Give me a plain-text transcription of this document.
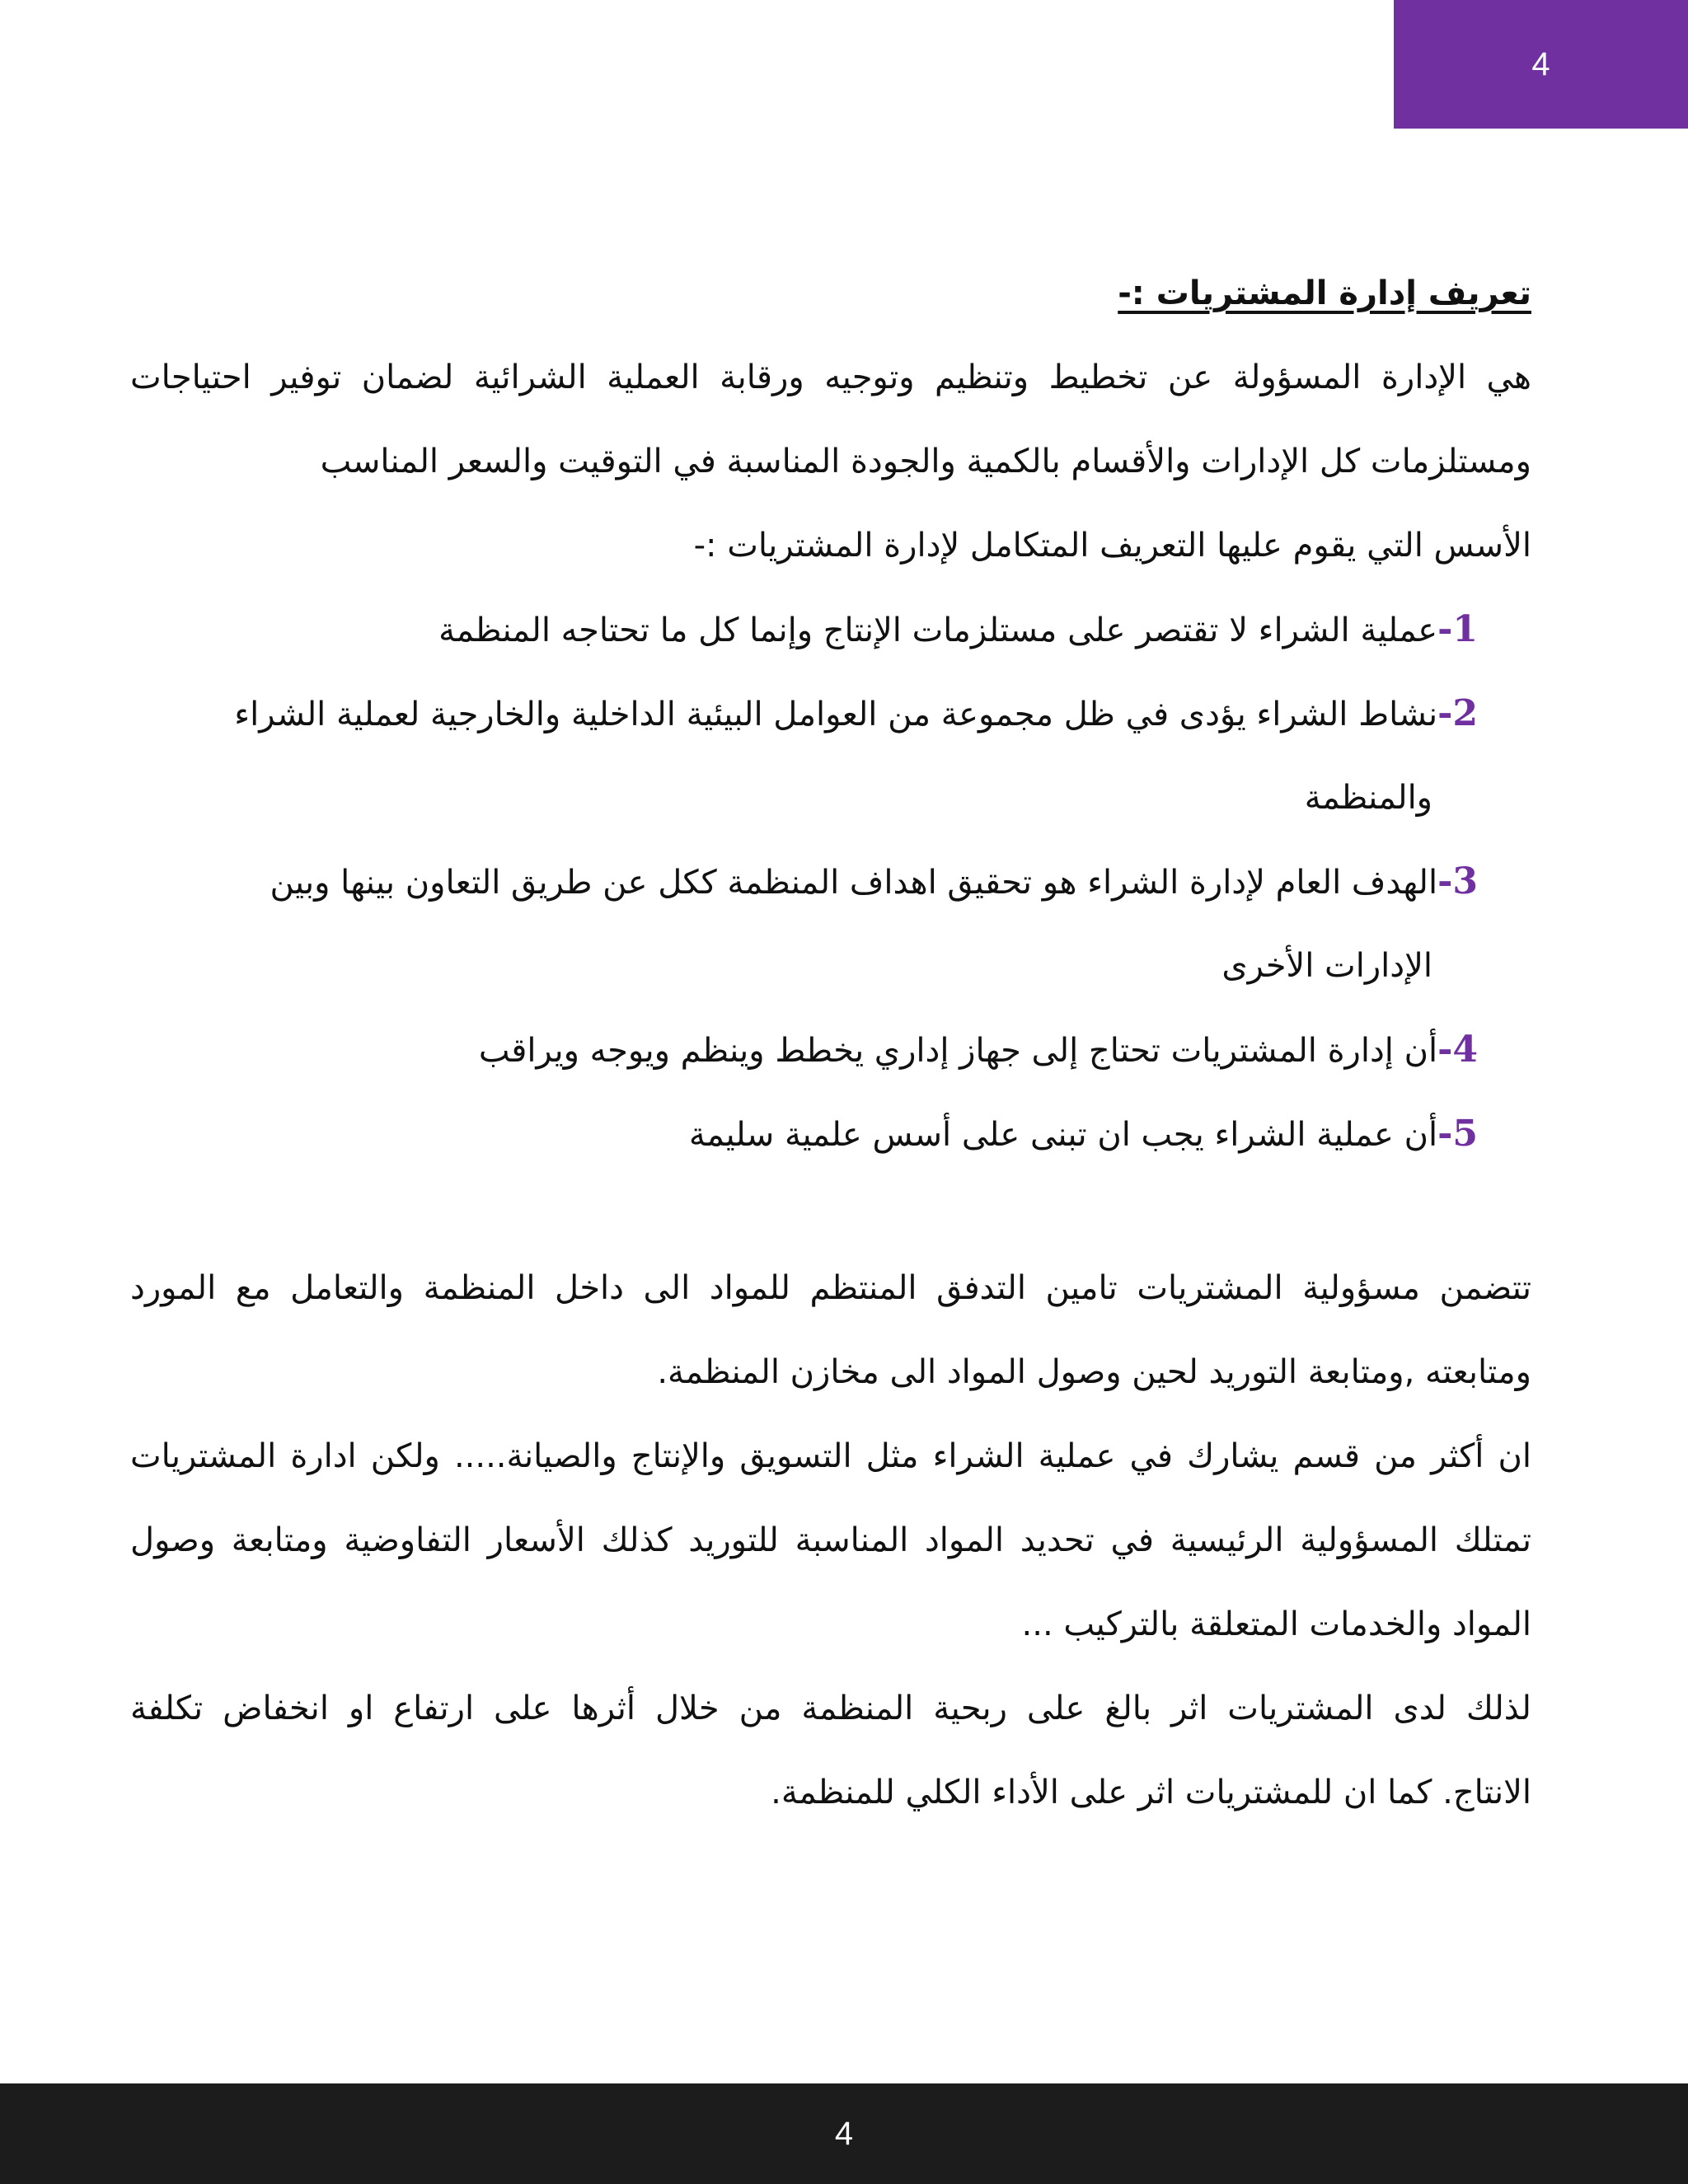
4
تعريف إدارة المشتريات :-
هي الإدارة المسؤولة عن تخطيط وتنظيم وتوجيه ورقابة العملية الشرائية لضمان توفير احتياجات
ومستلزمات كل الإدارات والأقسام بالكمية والجودة المناسبة في التوقيت والسعر المناسب
الأسس التي يقوم عليها التعريف المتكامل لإدارة المشتريات :-
1-عملية الشراء لا تقتصر على مستلزمات الإنتاج وإنما كل ما تحتاجه المنظمة
2-نشاط الشراء يؤدى في ظل مجموعة من العوامل البيئية الداخلية والخارجية لعملية الشراء
والمنظمة
3-الهدف العام لإدارة الشراء هو تحقيق اهداف المنظمة ككل عن طريق التعاون بينها وبين
الإدارات الأخرى
4-أن إدارة المشتريات تحتاج إلى جهاز إداري يخطط وينظم ويوجه ويراقب
5-أن عملية الشراء يجب ان تبنى على أسس علمية سليمة
تتضمن مسؤولية المشتريات تامين التدفق المنتظم للمواد الى داخل المنظمة والتعامل مع المورد
ومتابعته ,ومتابعة التوريد لحين وصول المواد الى مخازن المنظمة.
ان أكثر من قسم يشارك في عملية الشراء مثل التسويق والإنتاج والصيانة..... ولكن ادارة المشتريات
تمتلك المسؤولية الرئيسية في تحديد المواد المناسبة للتوريد كذلك الأسعار التفاوضية ومتابعة وصول
المواد والخدمات المتعلقة بالتركيب ...
لذلك لدى المشتريات اثر بالغ على ربحية المنظمة من خلال أثرها على ارتفاع او انخفاض تكلفة
الانتاج. كما ان للمشتريات اثر على الأداء الكلي للمنظمة.
4
